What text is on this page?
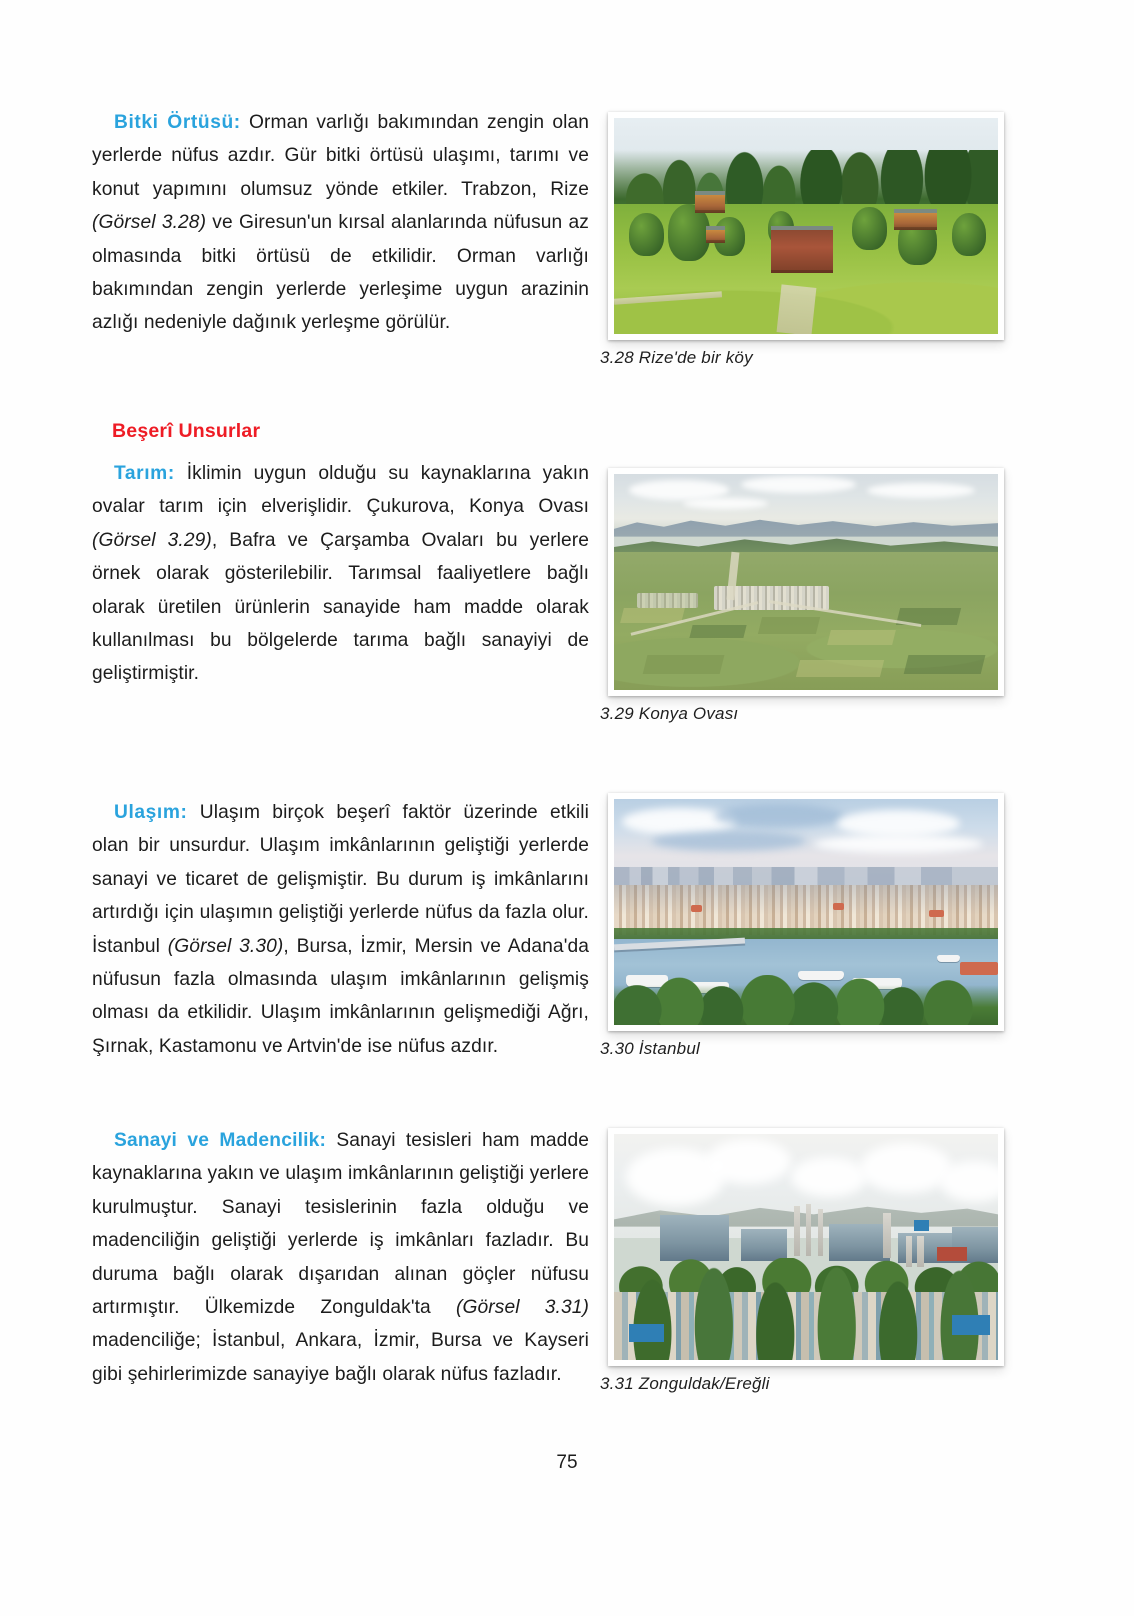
Bitki Örtüsü: Orman varlığı bakımından zengin olan yerlerde nüfus azdır. Gür bitki örtüsü ulaşımı, tarımı ve konut yapımını olumsuz yönde etkiler. Trabzon, Rize (Görsel 3.28) ve Giresun'un kırsal alanlarında nüfusun az olmasında bitki örtüsü de etkilidir. Orman varlığı bakımından zengin yerlerde yerleşime uygun arazinin azlığı nedeniyle dağınık yerleşme görülür.

3.28 Rize'de bir köy
Beşerî Unsurlar

Tarım: İklimin uygun olduğu su kaynaklarına yakın ovalar tarım için elverişlidir. Çukurova, Konya Ovası (Görsel 3.29), Bafra ve Çarşamba Ovaları bu yerlere örnek olarak gösterilebilir. Tarımsal faaliyetlere bağlı olarak üretilen ürünlerin sanayide ham madde olarak kullanılması bu bölgelerde tarıma bağlı sanayiyi de geliştirmiştir.

3.29 Konya Ovası

Ulaşım: Ulaşım birçok beşerî faktör üzerinde etkili olan bir unsurdur. Ulaşım imkânlarının geliştiği yerlerde sanayi ve ticaret de gelişmiştir. Bu durum iş imkânlarını artırdığı için ulaşımın geliştiği yerlerde nüfus da fazla olur. İstanbul (Görsel 3.30), Bursa, İzmir, Mersin ve Adana'da nüfusun fazla olmasında ulaşım imkânlarının gelişmiş olması da etkilidir. Ulaşım imkânlarının gelişmediği Ağrı, Şırnak, Kastamonu ve Artvin'de ise nüfus azdır.	3.30 İstanbul

Sanayi ve Madencilik: Sanayi tesisleri ham madde kaynaklarına yakın ve ulaşım imkânlarının geliştiği yerlere kurulmuştur. Sanayi tesislerinin fazla olduğu ve madenciliğin geliştiği yerlerde iş imkânları fazladır. Bu duruma bağlı olarak dışarıdan alınan göçler nüfusu artırmıştır. Ülkemizde Zonguldak'ta (Görsel 3.31) madenciliğe; İstanbul, Ankara, İzmir, Bursa ve Kayseri gibi şehirlerimizde sanayiye bağlı olarak nüfus fazladır.	3.31 Zonguldak/Ereğli
75
